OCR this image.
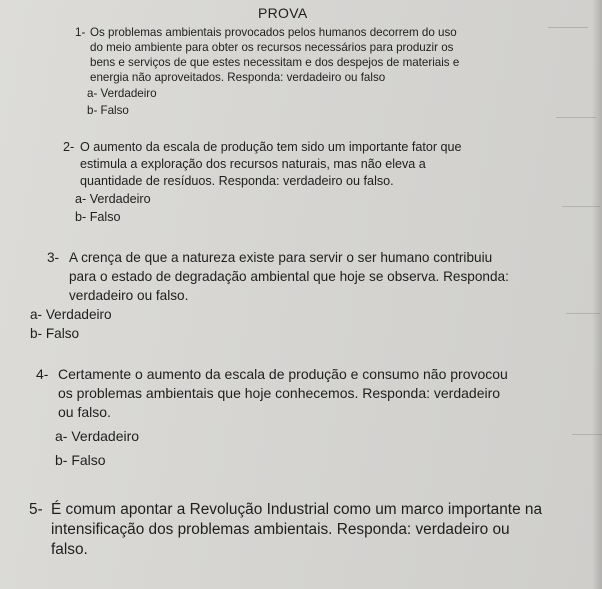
PROVA

1- Os problemas ambientais provocados pelos humanos decorrem do uso

do meio ambiente para obter os recursos necessários para produzir os

bens e serviços de que estes necessitam e dos despejos de materiais e

energia não aproveitados. Responda: verdadeiro ou falso

a- Verdadeiro

b- Falso

2- O aumento da escala de produção tem sido um importante fator que

estimula a exploração dos recursos naturais, mas não eleva a

quantidade de resíduos. Responda: verdadeiro ou falso.

a- Verdadeiro

b- Falso

3- A crença de que a natureza existe para servir o ser humano contribuiu

para o estado de degradação ambiental que hoje se observa. Responda:

verdadeiro ou falso.

a- Verdadeiro

b- Falso

4- Certamente o aumento da escala de produção e consumo não provocou

os problemas ambientais que hoje conhecemos. Responda: verdadeiro

ou falso.

a- Verdadeiro

b- Falso

5- É comum apontar a Revolução Industrial como um marco importante na

intensificação dos problemas ambientais. Responda: verdadeiro ou

falso.
